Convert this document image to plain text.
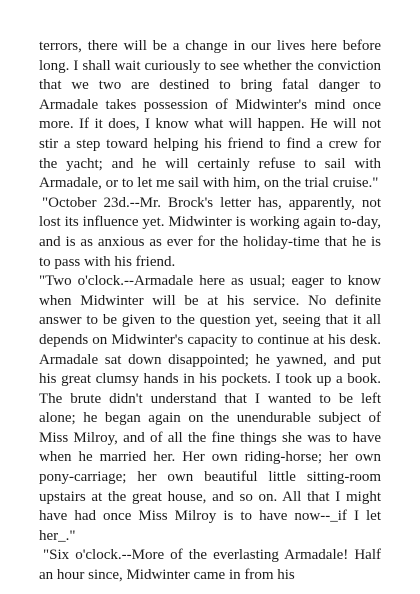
terrors, there will be a change in our lives here before long. I shall wait curiously to see whether the conviction that we two are destined to bring fatal danger to Armadale takes possession of Midwinter's mind once more. If it does, I know what will happen. He will not stir a step toward helping his friend to find a crew for the yacht; and he will certainly refuse to sail with Armadale, or to let me sail with him, on the trial cruise."

"October 23d.--Mr. Brock's letter has, apparently, not lost its influence yet. Midwinter is working again to-day, and is as anxious as ever for the holiday-time that he is to pass with his friend.

"Two o'clock.--Armadale here as usual; eager to know when Midwinter will be at his service. No definite answer to be given to the question yet, seeing that it all depends on Midwinter's capacity to continue at his desk. Armadale sat down disappointed; he yawned, and put his great clumsy hands in his pockets. I took up a book. The brute didn't understand that I wanted to be left alone; he began again on the unendurable subject of Miss Milroy, and of all the fine things she was to have when he married her. Her own riding-horse; her own pony-carriage; her own beautiful little sitting-room upstairs at the great house, and so on. All that I might have had once Miss Milroy is to have now--_if I let her_."

"Six o'clock.--More of the everlasting Armadale! Half an hour since, Midwinter came in from his
